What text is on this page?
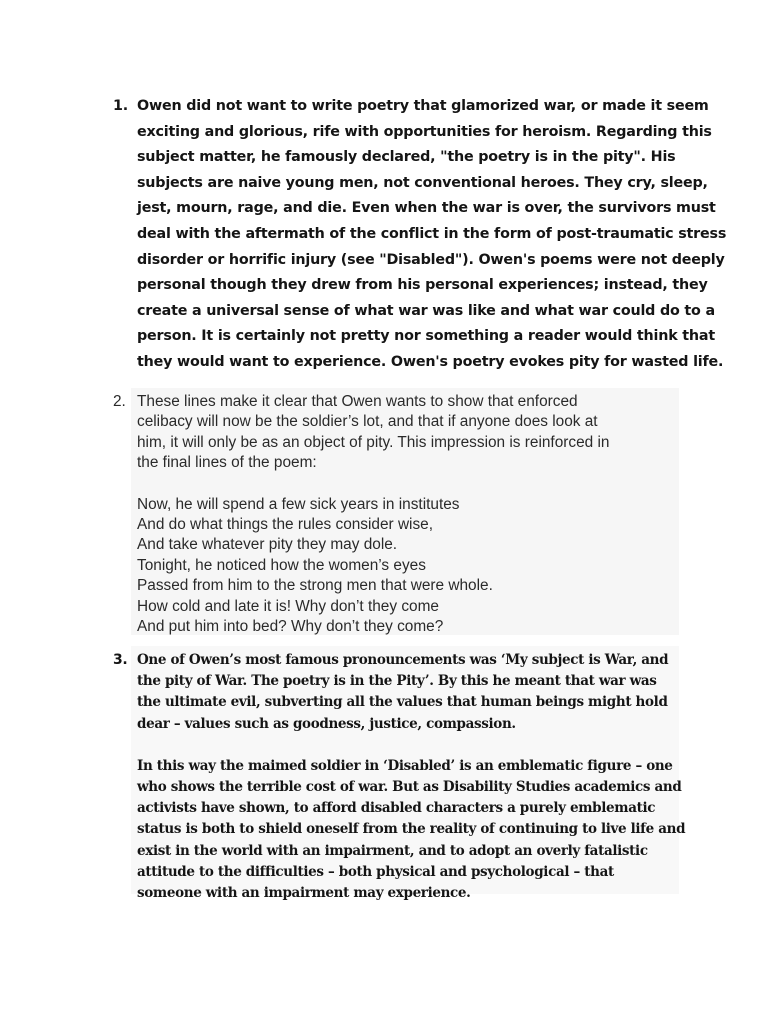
1. Owen did not want to write poetry that glamorized war, or made it seem
exciting and glorious, rife with opportunities for heroism. Regarding this
subject matter, he famously declared, "the poetry is in the pity". His
subjects are naive young men, not conventional heroes. They cry, sleep,
jest, mourn, rage, and die. Even when the war is over, the survivors must
deal with the aftermath of the conflict in the form of post-traumatic stress
disorder or horrific injury (see "Disabled"). Owen's poems were not deeply
personal though they drew from his personal experiences; instead, they
create a universal sense of what war was like and what war could do to a
person. It is certainly not pretty nor something a reader would think that
they would want to experience. Owen's poetry evokes pity for wasted life.
2. These lines make it clear that Owen wants to show that enforced
celibacy will now be the soldier’s lot, and that if anyone does look at
him, it will only be as an object of pity. This impression is reinforced in
the final lines of the poem:
Now, he will spend a few sick years in institutes
And do what things the rules consider wise,
And take whatever pity they may dole.
Tonight, he noticed how the women’s eyes
Passed from him to the strong men that were whole.
How cold and late it is! Why don’t they come
And put him into bed? Why don’t they come?
3. One of Owen’s most famous pronouncements was ‘My subject is War, and
the pity of War. The poetry is in the Pity’. By this he meant that war was
the ultimate evil, subverting all the values that human beings might hold
dear – values such as goodness, justice, compassion.
In this way the maimed soldier in ‘Disabled’ is an emblematic figure – one
who shows the terrible cost of war. But as Disability Studies academics and
activists have shown, to afford disabled characters a purely emblematic
status is both to shield oneself from the reality of continuing to live life and
exist in the world with an impairment, and to adopt an overly fatalistic
attitude to the difficulties – both physical and psychological – that
someone with an impairment may experience.
